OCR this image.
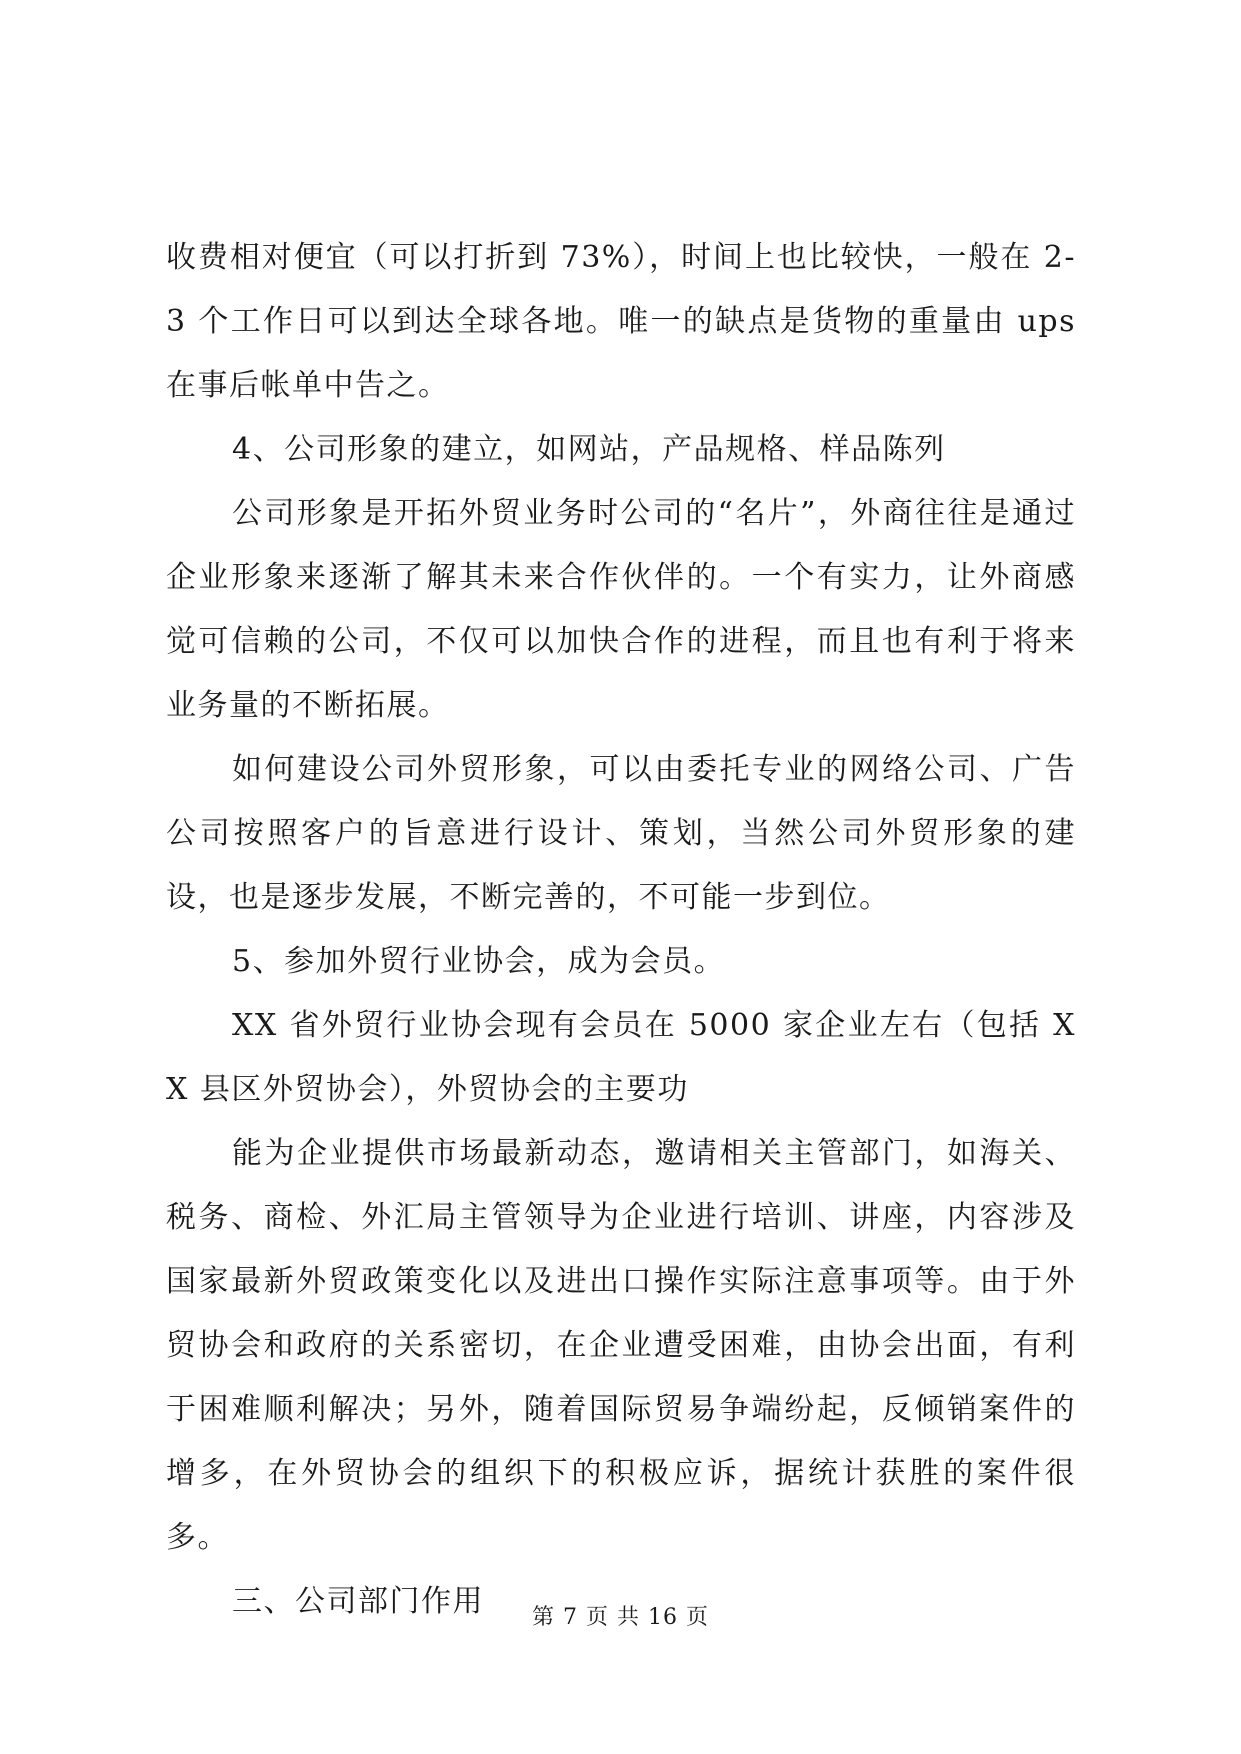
收费相对便宜（可以打折到 73%），时间上也比较快，一般在 2-3 个工作日可以到达全球各地。唯一的缺点是货物的重量由 ups 在事后帐单中告之。

4、公司形象的建立，如网站，产品规格、样品陈列

公司形象是开拓外贸业务时公司的“名片”，外商往往是通过企业形象来逐渐了解其未来合作伙伴的。一个有实力，让外商感觉可信赖的公司，不仅可以加快合作的进程，而且也有利于将来业务量的不断拓展。

如何建设公司外贸形象，可以由委托专业的网络公司、广告公司按照客户的旨意进行设计、策划，当然公司外贸形象的建设，也是逐步发展，不断完善的，不可能一步到位。

5、参加外贸行业协会，成为会员。

XX 省外贸行业协会现有会员在 5000 家企业左右（包括 XX 县区外贸协会），外贸协会的主要功

能为企业提供市场最新动态，邀请相关主管部门，如海关、税务、商检、外汇局主管领导为企业进行培训、讲座，内容涉及国家最新外贸政策变化以及进出口操作实际注意事项等。由于外贸协会和政府的关系密切，在企业遭受困难，由协会出面，有利于困难顺利解决；另外，随着国际贸易争端纷起，反倾销案件的增多，在外贸协会的组织下的积极应诉，据统计获胜的案件很多。

三、公司部门作用	第 7 页 共 16 页
